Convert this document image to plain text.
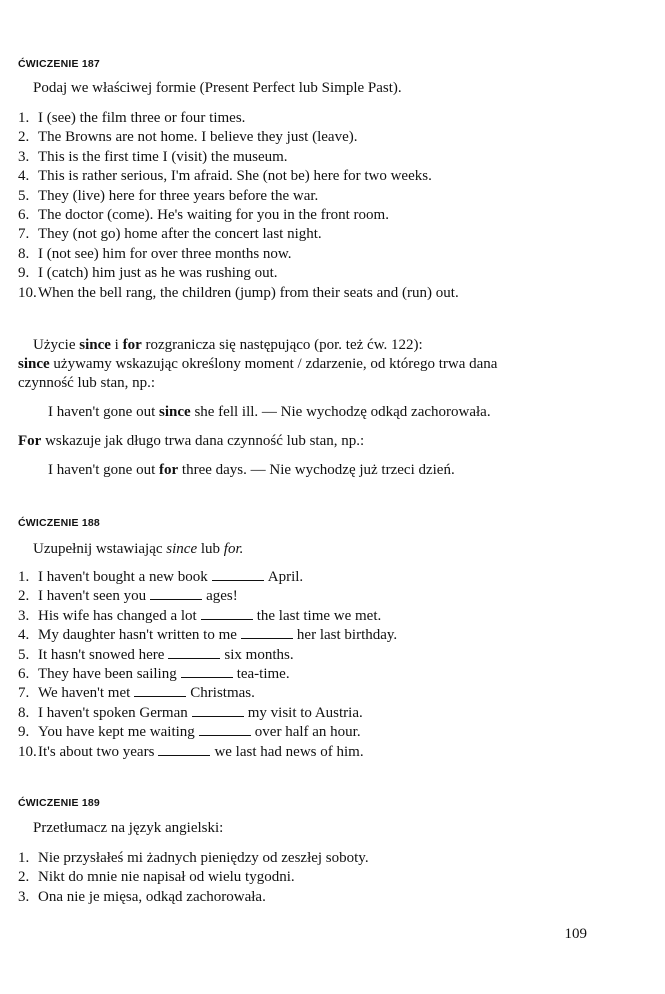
ĆWICZENIE 187
Podaj we właściwej formie (Present Perfect lub Simple Past).
1. I (see) the film three or four times.
2. The Browns are not home. I believe they just (leave).
3. This is the first time I (visit) the museum.
4. This is rather serious, I'm afraid. She (not be) here for two weeks.
5. They (live) here for three years before the war.
6. The doctor (come). He's waiting for you in the front room.
7. They (not go) home after the concert last night.
8. I (not see) him for over three months now.
9. I (catch) him just as he was rushing out.
10.When the bell rang, the children (jump) from their seats and (run) out.
Użycie since i for rozgranicza się następująco (por. też ćw. 122):
since używamy wskazując określony moment / zdarzenie, od którego trwa dana
czynność lub stan, np.:
I haven't gone out since she fell ill. — Nie wychodzę odkąd zachorowała.
For wskazuje jak długo trwa dana czynność lub stan, np.:
I haven't gone out for three days. — Nie wychodzę już trzeci dzień.
ĆWICZENIE 188
Uzupełnij wstawiając since lub for.
1. I haven't bought a new book	April.
2. I haven't seen you	ages!
3. His wife has changed a lot	the last time we met.
4. My daughter hasn't written to me	her last birthday.
5. It hasn't snowed here	six months.
6. They have been sailing	tea-time.
7. We haven't met	Christmas.
8. I haven't spoken German	my visit to Austria.
9. You have kept me waiting	over half an hour.
10.It's about two years	we last had news of him.
ĆWICZENIE 189
Przetłumacz na język angielski:
1. Nie przysłałeś mi żadnych pieniędzy od zeszłej soboty.
2. Nikt do mnie nie napisał od wielu tygodni.
3. Ona nie je mięsa, odkąd zachorowała.
109
